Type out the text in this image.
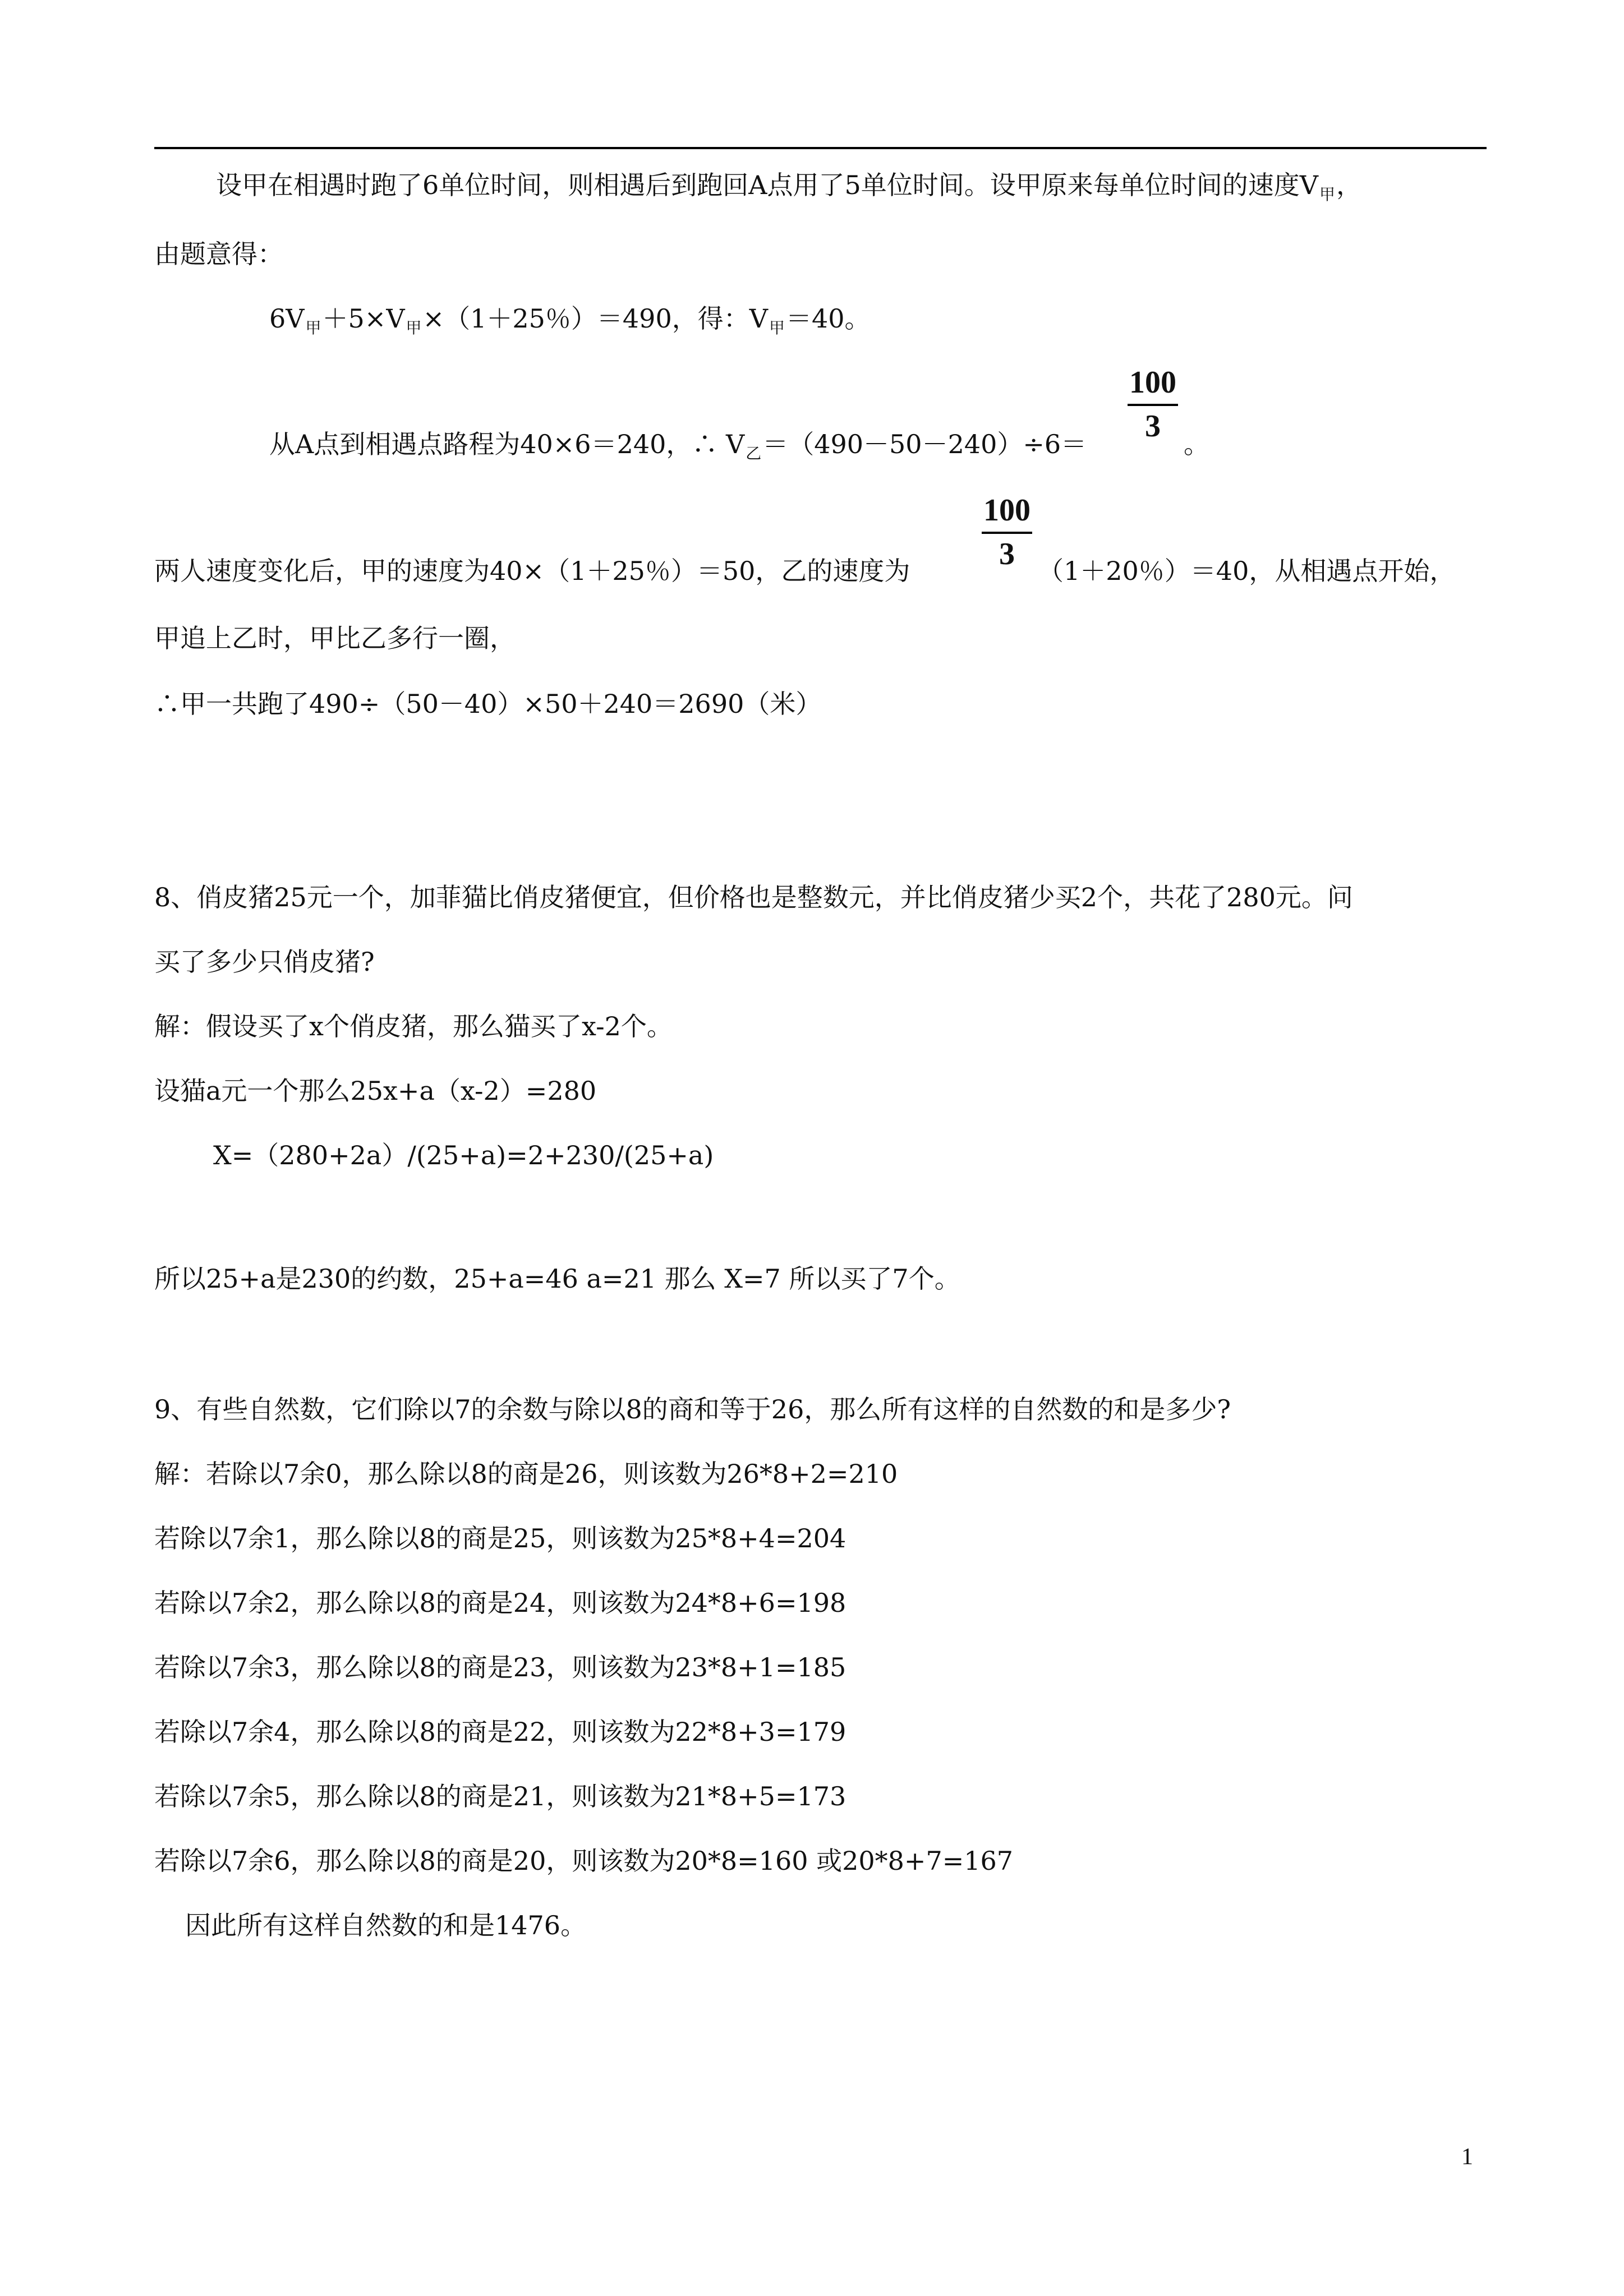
设甲在相遇时跑了6单位时间，则相遇后到跑回A点用了5单位时间。设甲原来每单位时间的速度$V_甲$，
由题意得：
$6V_甲+5\times V_甲\times(1+25$％）＝490，得：$V_甲=40$。
从A点到相遇点路程为40×6＝240，∴ $V_乙=(490-50-240)\div 6=$
100
3
。
两人速度变化后，甲的速度为40×（1＋25％）＝50，乙的速度为
100
3 （1＋20％）＝40，从相遇点开始，
甲追上乙时，甲比乙多行一圈，
∴甲一共跑了490÷（50－40）×50＋240＝2690（米）
8、俏皮猪25元一个，加菲猫比俏皮猪便宜，但价格也是整数元，并比俏皮猪少买2个，共花了280元。问
买了多少只俏皮猪?
解：假设买了x个俏皮猪，那么猫买了x-2个。
设猫a元一个那么25x+a（x-2）=280
X=（280+2a）/(25+a)=2+230/(25+a)
所以25+a是230的约数，25+a=46 a=21 那么 X=7 所以买了7个。
9、有些自然数，它们除以7的余数与除以8的商和等于26，那么所有这样的自然数的和是多少?
解：若除以7余0，那么除以8的商是26，则该数为26*8+2=210
若除以7余1，那么除以8的商是25，则该数为25*8+4=204
若除以7余2，那么除以8的商是24，则该数为24*8+6=198
若除以7余3，那么除以8的商是23，则该数为23*8+1=185
若除以7余4，那么除以8的商是22，则该数为22*8+3=179
若除以7余5，那么除以8的商是21，则该数为21*8+5=173
若除以7余6，那么除以8的商是20，则该数为20*8=160 或20*8+7=167
因此所有这样自然数的和是1476。
1
